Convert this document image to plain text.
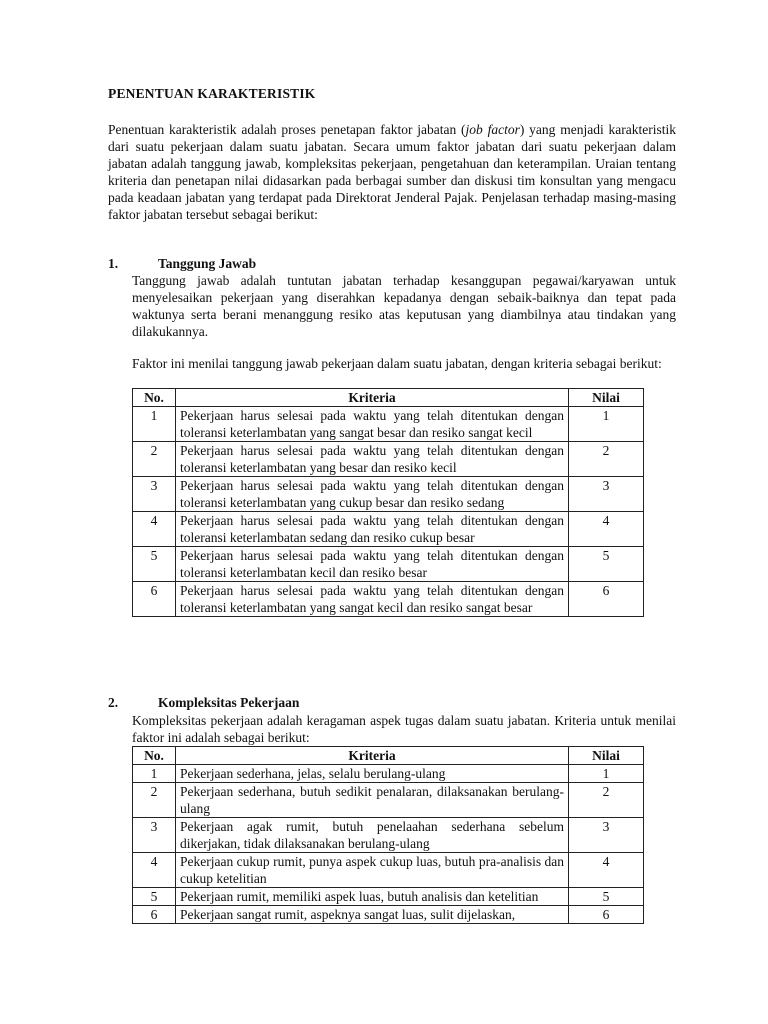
PENENTUAN KARAKTERISTIK

Penentuan karakteristik adalah proses penetapan faktor jabatan (job factor) yang menjadi karakteristik dari suatu pekerjaan dalam suatu jabatan. Secara umum faktor jabatan dari suatu pekerjaan dalam jabatan adalah tanggung jawab, kompleksitas pekerjaan, pengetahuan dan keterampilan. Uraian tentang kriteria dan penetapan nilai didasarkan pada berbagai sumber dan diskusi tim konsultan yang mengacu pada keadaan jabatan yang terdapat pada Direktorat Jenderal Pajak. Penjelasan terhadap masing-masing faktor jabatan tersebut sebagai berikut:

1.	Tanggung Jawab

Tanggung jawab adalah tuntutan jabatan terhadap kesanggupan pegawai/karyawan untuk menyelesaikan pekerjaan yang diserahkan kepadanya dengan sebaik-baiknya dan tepat pada waktunya serta berani menanggung resiko atas keputusan yang diambilnya atau tindakan yang dilakukannya.

Faktor ini menilai tanggung jawab pekerjaan dalam suatu jabatan, dengan kriteria sebagai berikut:

No.	Kriteria	Nilai
1	Pekerjaan harus selesai pada waktu yang telah ditentukan dengan toleransi keterlambatan yang sangat besar dan resiko sangat kecil	1
2	Pekerjaan harus selesai pada waktu yang telah ditentukan dengan toleransi keterlambatan yang besar dan resiko kecil	2
3	Pekerjaan harus selesai pada waktu yang telah ditentukan dengan toleransi keterlambatan yang cukup besar dan resiko sedang	3
4	Pekerjaan harus selesai pada waktu yang telah ditentukan dengan toleransi keterlambatan sedang dan resiko cukup besar	4
5	Pekerjaan harus selesai pada waktu yang telah ditentukan dengan toleransi keterlambatan kecil dan resiko besar	5
6	Pekerjaan harus selesai pada waktu yang telah ditentukan dengan toleransi keterlambatan yang sangat kecil dan resiko sangat besar	6
2.	Kompleksitas Pekerjaan

Kompleksitas pekerjaan adalah keragaman aspek tugas dalam suatu jabatan. Kriteria untuk menilai faktor ini adalah sebagai berikut:

No.	Kriteria	Nilai
1	Pekerjaan sederhana, jelas, selalu berulang-ulang	1
2	Pekerjaan sederhana, butuh sedikit penalaran, dilaksanakan berulang-ulang	2
3	Pekerjaan agak rumit, butuh penelaahan sederhana sebelum dikerjakan, tidak dilaksanakan berulang-ulang	3
4	Pekerjaan cukup rumit, punya aspek cukup luas, butuh pra-analisis dan cukup ketelitian	4
5	Pekerjaan rumit, memiliki aspek luas, butuh analisis dan ketelitian	5
6	Pekerjaan sangat rumit, aspeknya sangat luas, sulit dijelaskan,	6
